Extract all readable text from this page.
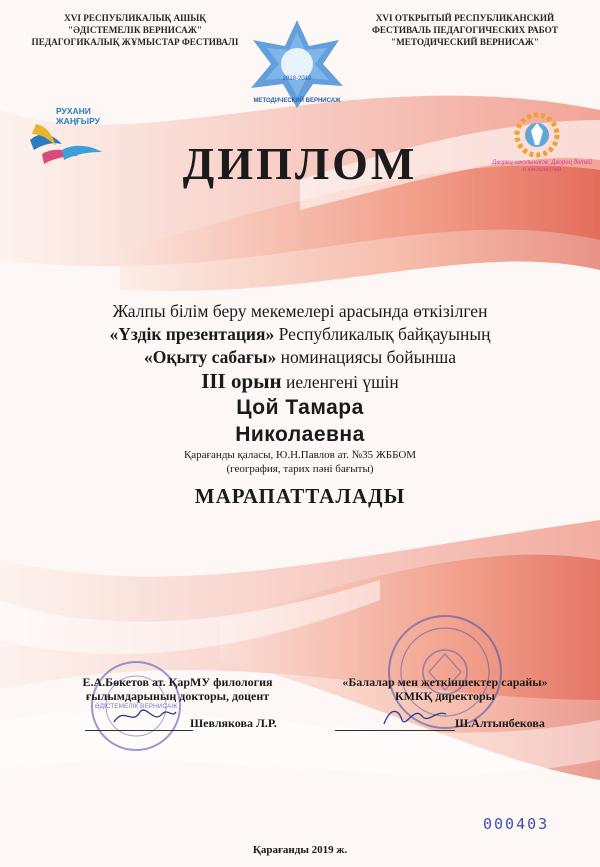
XVI РЕСПУБЛИКАЛЫҚ АШЫҚ
"ӘДІСТЕМЕЛІК ВЕРНИСАЖ"
ПЕДАГОГИКАЛЫҚ ЖҰМЫСТАР ФЕСТИВАЛІ
XVI ОТКРЫТЫЙ РЕСПУБЛИКАНСКИЙ
ФЕСТИВАЛЬ ПЕДАГОГИЧЕСКИХ РАБОТ
"МЕТОДИЧЕСКИЙ ВЕРНИСАЖ"
2018-2019
МЕТОДИЧЕСКИЙ ВЕРНИСАЖ
РУХАНИ
ЖАҢҒЫРУ
Дворец школьников, Дворец детей и юношества
ДИПЛОМ
Жалпы білім беру мекемелері арасында өткізілген
«Үздік презентация» Республикалық байқауының
«Оқыту сабағы» номинациясы бойынша
ІІІ орын иеленгені үшін
Цой Тамара
Николаевна
Қарағанды қаласы, Ю.Н.Павлов ат. №35 ЖББОМ
(география, тарих пәні бағыты)
МАРАПАТТАЛАДЫ
ӘДІСТЕМЕЛІК ВЕРНИСАЖ
Е.А.Бөкетов ат. ҚарМУ филология
ғылымдарының докторы, доцент
Шевлякова Л.Р.
«Балалар мен жеткіншектер сарайы»
КМКҚ директоры
Ш.Алтынбекова
000403
Қарағанды 2019 ж.
